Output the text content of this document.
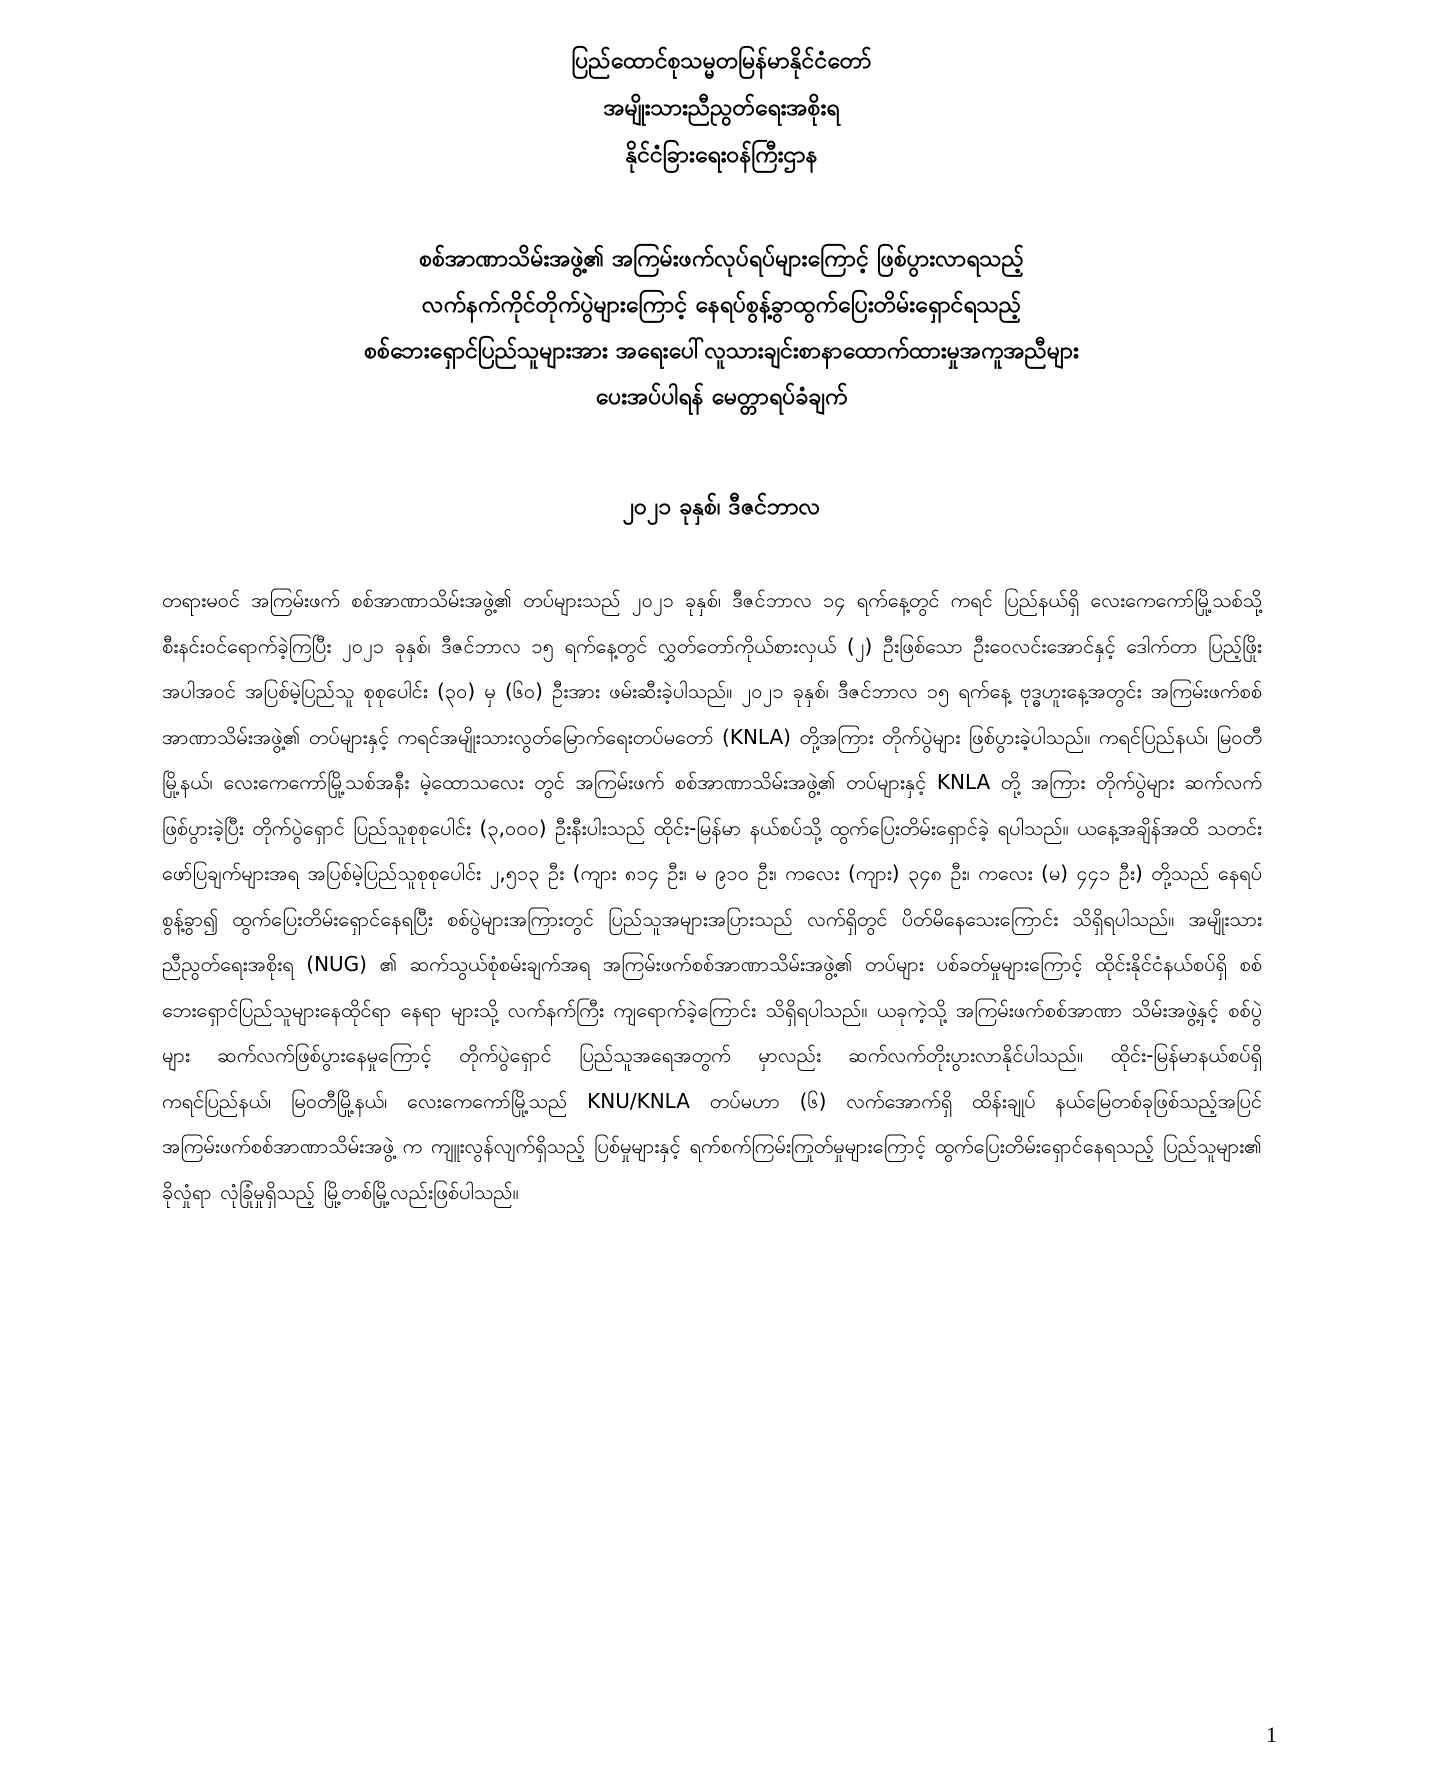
ပြည်ထောင်စုသမ္မတမြန်မာနိုင်ငံတော်
အမျိုးသားညီညွတ်ရေးအစိုးရ
နိုင်ငံခြားရေးဝန်ကြီးဌာန
စစ်အာဏာသိမ်းအဖွဲ့၏ အကြမ်းဖက်လုပ်ရပ်များကြောင့် ဖြစ်ပွားလာရသည့်
လက်နက်ကိုင်တိုက်ပွဲများကြောင့် နေရပ်စွန့်ခွာထွက်ပြေးတိမ်းရှောင်ရသည့်
စစ်ဘေးရှောင်ပြည်သူများအား အရေးပေါ်လူသားချင်းစာနာထောက်ထားမှုအကူအညီများ
ပေးအပ်ပါရန် မေတ္တာရပ်ခံချက်
၂၀၂၁ ခုနှစ်၊ ဒီဇင်ဘာလ
တရားမဝင် အကြမ်းဖက် စစ်အာဏာသိမ်းအဖွဲ့၏ တပ်များသည် ၂၀၂၁ ခုနှစ်၊ ဒီဇင်ဘာလ ၁၄ ရက်နေ့တွင် ကရင် ပြည်နယ်ရှိ လေးကေကော်မြို့သစ်သို့ စီးနင်းဝင်ရောက်ခဲ့ကြပြီး ၂၀၂၁ ခုနှစ်၊ ဒီဇင်ဘာလ ၁၅ ရက်နေ့တွင် လွှတ်တော်ကိုယ်စားလှယ် (၂) ဦးဖြစ်သော ဦးဝေလင်းအောင်နှင့် ဒေါက်တာ ပြည့်ဖြိုးအပါအဝင် အပြစ်မဲ့ပြည်သူ စုစုပေါင်း (၃၀) မှ (၆၀) ဦးအား ဖမ်းဆီးခဲ့ပါသည်။ ၂၀၂၁ ခုနှစ်၊ ဒီဇင်ဘာလ ၁၅ ရက်နေ့ ဗုဒ္ဓဟူးနေ့အတွင်း အကြမ်းဖက်စစ်အာဏာသိမ်းအဖွဲ့၏ တပ်များနှင့် ကရင်အမျိုးသားလွတ်မြောက်ရေးတပ်မတော် (KNLA) တို့အကြား တိုက်ပွဲများ ဖြစ်ပွားခဲ့ပါသည်။ ကရင်ပြည်နယ်၊ မြဝတီမြို့နယ်၊ လေးကေကော်မြို့သစ်အနီး မဲ့ထောသလေး တွင် အကြမ်းဖက် စစ်အာဏာသိမ်းအဖွဲ့၏ တပ်များနှင့် KNLA တို့ အကြား တိုက်ပွဲများ ဆက်လက်ဖြစ်ပွားခဲ့ပြီး တိုက်ပွဲရှောင် ပြည်သူစုစုပေါင်း (၃,၀၀၀) ဦးနီးပါးသည် ထိုင်း-မြန်မာ နယ်စပ်သို့ ထွက်ပြေးတိမ်းရှောင်ခဲ့ ရပါသည်။ ယနေ့အချိန်အထိ သတင်းဖော်ပြချက်များအရ အပြစ်မဲ့ပြည်သူစုစုပေါင်း ၂,၅၁၃ ဦး (ကျား ၈၁၄ ဦး၊ မ ၉၁၀ ဦး၊ ကလေး (ကျား) ၃၄၈ ဦး၊ ကလေး (မ) ၄၄၁ ဦး) တို့သည် နေရပ်စွန့်ခွာ၍ ထွက်ပြေးတိမ်းရှောင်နေရပြီး စစ်ပွဲများအကြားတွင် ပြည်သူအများအပြားသည် လက်ရှိတွင် ပိတ်မိနေသေးကြောင်း သိရှိရပါသည်။ အမျိုးသား ညီညွတ်ရေးအစိုးရ (NUG) ၏ ဆက်သွယ်စုံစမ်းချက်အရ အကြမ်းဖက်စစ်အာဏာသိမ်းအဖွဲ့၏ တပ်များ ပစ်ခတ်မှုများကြောင့် ထိုင်းနိုင်ငံနယ်စပ်ရှိ စစ်ဘေးရှောင်ပြည်သူများနေထိုင်ရာ နေရာ များသို့ လက်နက်ကြီး ကျရောက်ခဲ့ကြောင်း သိရှိရပါသည်။ ယခုကဲ့သို့ အကြမ်းဖက်စစ်အာဏာ သိမ်းအဖွဲ့နှင့် စစ်ပွဲများ ဆက်လက်ဖြစ်ပွားနေမှုကြောင့် တိုက်ပွဲရှောင် ပြည်သူအရေအတွက် မှာလည်း ဆက်လက်တိုးပွားလာနိုင်ပါသည်။ ထိုင်း-မြန်မာနယ်စပ်ရှိ ကရင်ပြည်နယ်၊ မြဝတီမြို့နယ်၊ လေးကေကော်မြို့သည် KNU/KNLA တပ်မဟာ (၆) လက်အောက်ရှိ ထိန်းချုပ် နယ်မြေတစ်ခုဖြစ်သည့်အပြင် အကြမ်းဖက်စစ်အာဏာသိမ်းအဖွဲ့ က ကျူးလွန်လျက်ရှိသည့် ပြစ်မှုများနှင့် ရက်စက်ကြမ်းကြုတ်မှုများကြောင့် ထွက်ပြေးတိမ်းရှောင်နေရသည့် ပြည်သူများ၏ ခိုလှုံရာ လုံခြုံမှုရှိသည့် မြို့တစ်မြို့လည်းဖြစ်ပါသည်။
1
